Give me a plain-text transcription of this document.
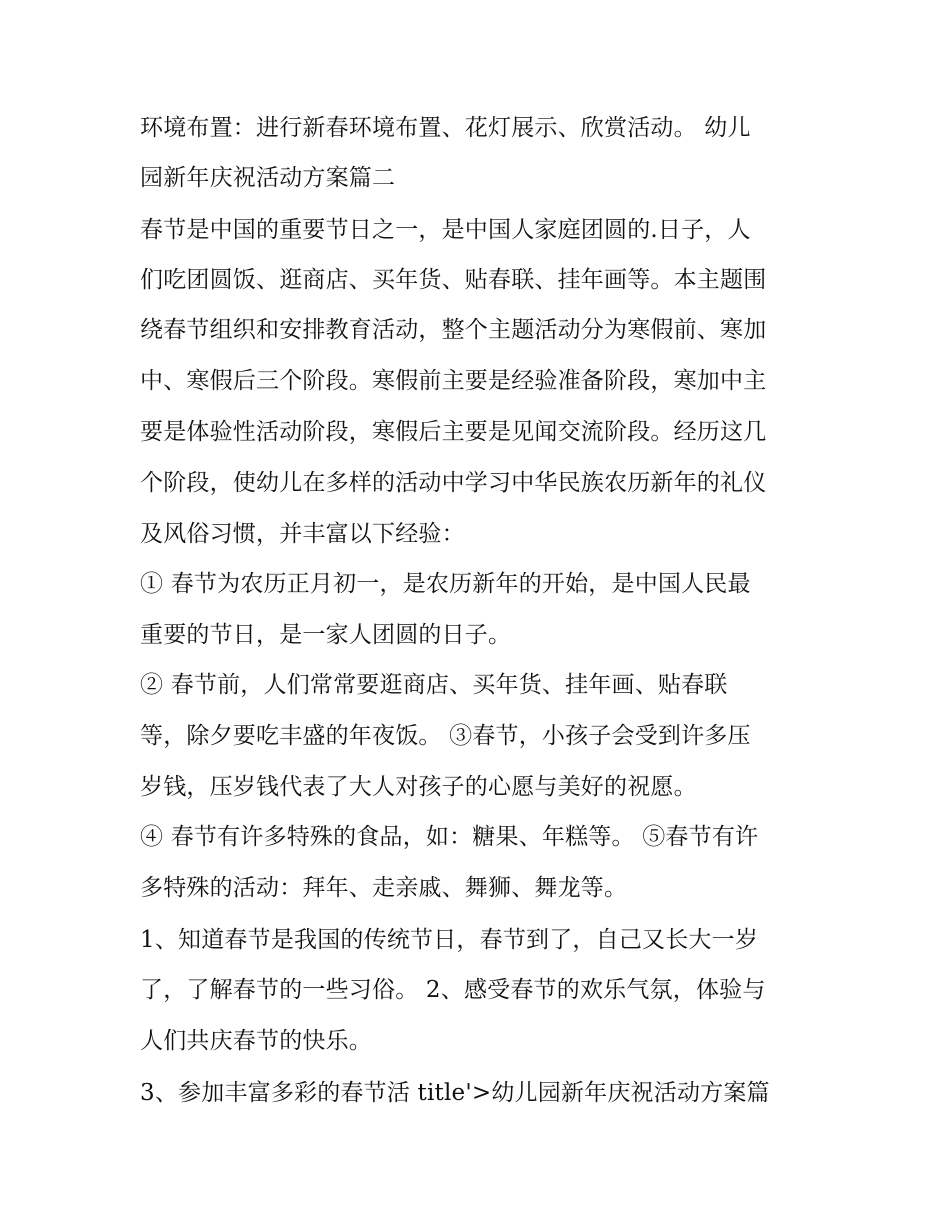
环境布置：进行新春环境布置、花灯展示、欣赏活动。 幼儿
园新年庆祝活动方案篇二
春节是中国的重要节日之一，是中国人家庭团圆的.日子，人
们吃团圆饭、逛商店、买年货、贴春联、挂年画等。本主题围
绕春节组织和安排教育活动，整个主题活动分为寒假前、寒加
中、寒假后三个阶段。寒假前主要是经验准备阶段，寒加中主
要是体验性活动阶段，寒假后主要是见闻交流阶段。经历这几
个阶段，使幼儿在多样的活动中学习中华民族农历新年的礼仪
及风俗习惯，并丰富以下经验：
① 春节为农历正月初一，是农历新年的开始，是中国人民最
重要的节日，是一家人团圆的日子。
② 春节前，人们常常要逛商店、买年货、挂年画、贴春联
等，除夕要吃丰盛的年夜饭。 ③春节，小孩子会受到许多压
岁钱，压岁钱代表了大人对孩子的心愿与美好的祝愿。
④ 春节有许多特殊的食品，如：糖果、年糕等。 ⑤春节有许
多特殊的活动：拜年、走亲戚、舞狮、舞龙等。
1、知道春节是我国的传统节日，春节到了，自己又长大一岁
了，了解春节的一些习俗。 2、感受春节的欢乐气氛，体验与
人们共庆春节的快乐。
3、参加丰富多彩的春节活 title'>幼儿园新年庆祝活动方案篇
